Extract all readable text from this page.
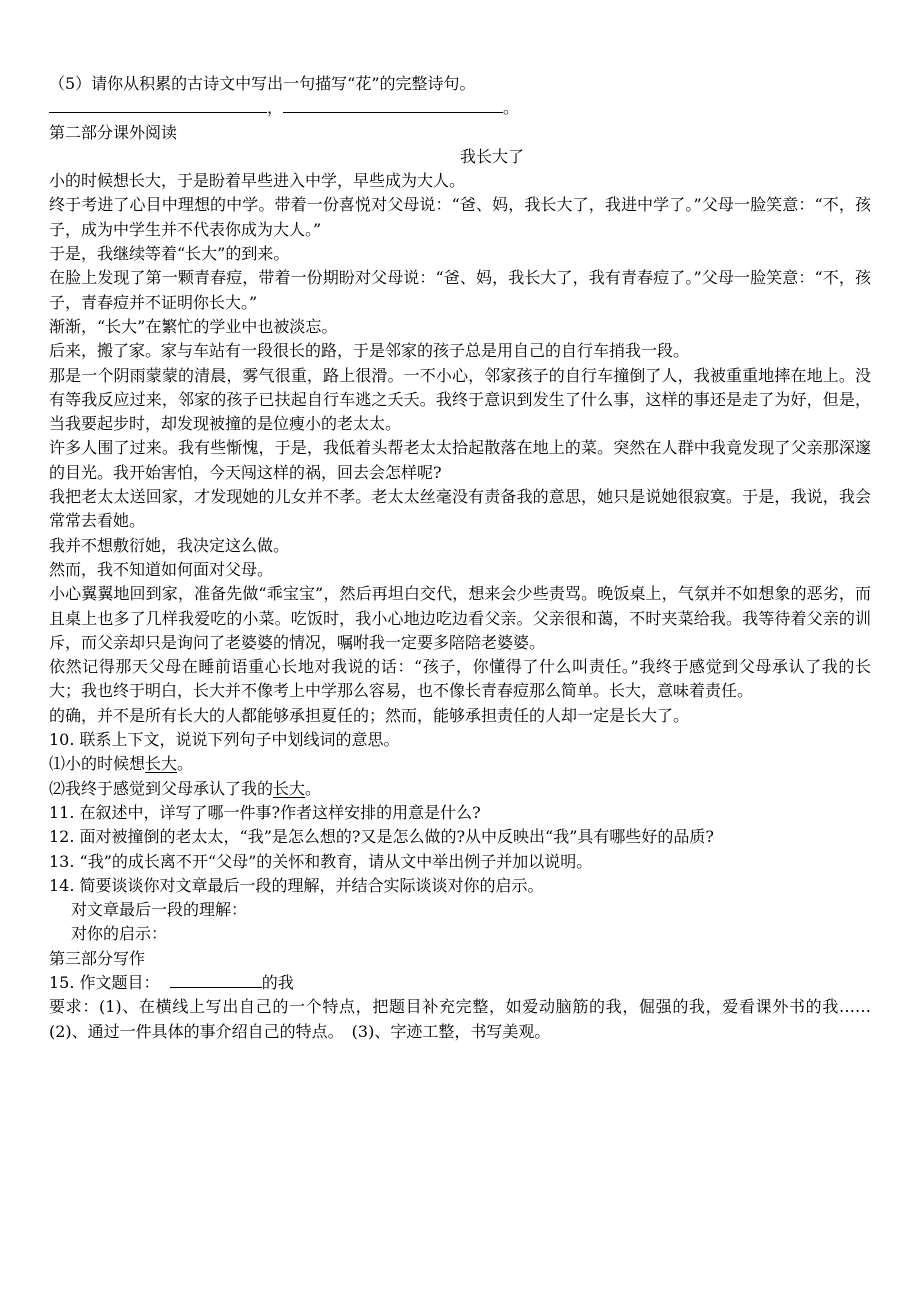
（5）请你从积累的古诗文中写出一句描写“花”的完整诗句。

，	。

第二部分课外阅读

我长大了

小的时候想长大，于是盼着早些进入中学，早些成为大人。

终于考进了心目中理想的中学。带着一份喜悦对父母说：“爸、妈，我长大了，我进中学了。”父母一脸笑意：“不，孩子，成为中学生并不代表你成为大人。”

于是，我继续等着“长大”的到来。

在脸上发现了第一颗青春痘，带着一份期盼对父母说：“爸、妈，我长大了，我有青春痘了。”父母一脸笑意：“不，孩子，青春痘并不证明你长大。”

渐渐，“长大”在繁忙的学业中也被淡忘。

后来，搬了家。家与车站有一段很长的路，于是邻家的孩子总是用自己的自行车捎我一段。

那是一个阴雨蒙蒙的清晨，雾气很重，路上很滑。一不小心，邻家孩子的自行车撞倒了人，我被重重地摔在地上。没有等我反应过来，邻家的孩子已扶起自行车逃之夭夭。我终于意识到发生了什么事，这样的事还是走了为好，但是，当我要起步时，却发现被撞的是位瘦小的老太太。

许多人围了过来。我有些惭愧，于是，我低着头帮老太太拾起散落在地上的菜。突然在人群中我竟发现了父亲那深邃的目光。我开始害怕，今天闯这样的祸，回去会怎样呢?

我把老太太送回家，才发现她的儿女并不孝。老太太丝毫没有责备我的意思，她只是说她很寂寞。于是，我说，我会常常去看她。

我并不想敷衍她，我决定这么做。

然而，我不知道如何面对父母。

小心翼翼地回到家，准备先做“乖宝宝”，然后再坦白交代，想来会少些责骂。晚饭桌上，气氛并不如想象的恶劣，而且桌上也多了几样我爱吃的小菜。吃饭时，我小心地边吃边看父亲。父亲很和蔼，不时夹菜给我。我等待着父亲的训斥，而父亲却只是询问了老婆婆的情况，嘱咐我一定要多陪陪老婆婆。

依然记得那天父母在睡前语重心长地对我说的话：“孩子，你懂得了什么叫责任。”我终于感觉到父母承认了我的长大；我也终于明白，长大并不像考上中学那么容易，也不像长青春痘那么简单。长大，意味着责任。

的确，并不是所有长大的人都能够承担夏任的；然而，能够承担责任的人却一定是长大了。

10. 联系上下文，说说下列句子中划线词的意思。

⑴小的时候想长大。

⑵我终于感觉到父母承认了我的长大。

11. 在叙述中，详写了哪一件事?作者这样安排的用意是什么?

12. 面对被撞倒的老太太，“我”是怎么想的?又是怎么做的?从中反映出“我”具有哪些好的品质?

13. “我”的成长离不开“父母”的关怀和教育，请从文中举出例子并加以说明。

14. 简要谈谈你对文章最后一段的理解，并结合实际谈谈对你的启示。

对文章最后一段的理解：

对你的启示：

第三部分写作

15. 作文题目：	的我

要求：(1)、在横线上写出自己的一个特点，把题目补充完整，如爱动脑筋的我，倔强的我，爱看课外书的我……　(2)、通过一件具体的事介绍自己的特点。　(3)、字迹工整，书写美观。
